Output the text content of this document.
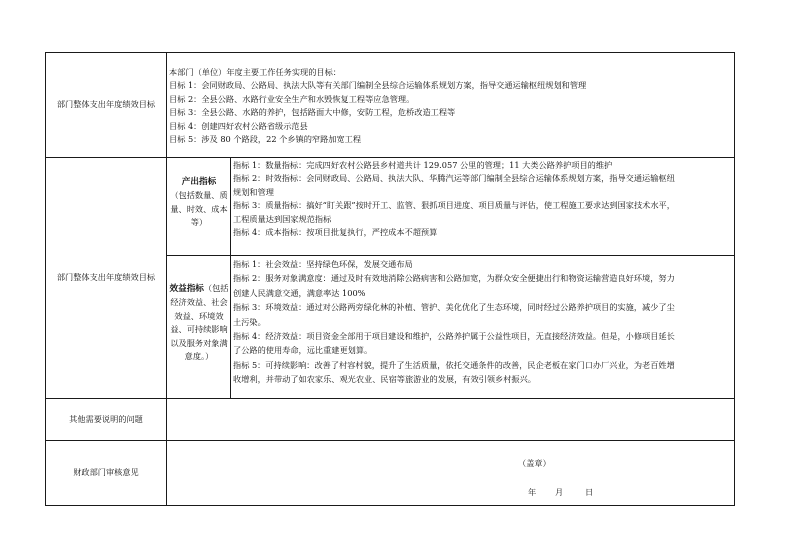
部门整体支出年度绩效目标
本部门（单位）年度主要工作任务实现的目标：
目标 1：会同财政局、公路局、执法大队等有关部门编制全县综合运输体系规划方案，指导交通运输枢纽规划和管理
目标 2：全县公路、水路行业安全生产和水毁恢复工程等应急管理。
目标 3：全县公路、水路的养护，包括路面大中修，安防工程，危桥改造工程等
目标 4：创建四好农村公路省级示范县
目标 5：涉及 80 个路段，22 个乡镇的窄路加宽工程
部门整体支出年度绩效目标
产出指标
（包括数量、质量、时效、成本等）
指标 1：数量指标：完成四好农村公路县乡村道共计 129.057 公里的管理；11 大类公路养护项目的维护
指标 2：时效指标：会同财政局、公路局、执法大队、华腾汽运等部门编制全县综合运输体系规划方案，指导交通运输枢纽
规划和管理
指标 3：质量指标：搞好“盯关跟”按时开工、监管、狠抓项目进度、项目质量与评估，使工程施工要求达到国家技术水平，
工程质量达到国家规范指标
指标 4：成本指标：按项目批复执行，严控成本不超预算
效益指标（包括经济效益、社会效益、环境效益、可持续影响以及服务对象满意度。）
指标 1：社会效益：坚持绿色环保，发展交通布局
指标 2：服务对象满意度：通过及时有效地消除公路病害和公路加宽，为群众安全便捷出行和物资运输营造良好环境，努力
创建人民满意交通，满意率达 100%
指标 3：环境效益：通过对公路两旁绿化林的补植、管护、美化优化了生态环境，同时经过公路养护项目的实施，减少了尘
土污染。
指标 4：经济效益：项目资金全部用于项目建设和维护，公路养护属于公益性项目，无直接经济效益。但是，小修项目延长
了公路的使用寿命，远比重建更划算。
指标 5：可持续影响：改善了村容村貌，提升了生活质量，依托交通条件的改善，民企老板在家门口办厂兴业，为老百姓增
收增利，并带动了如农家乐、观光农业、民宿等旅游业的发展，有效引领乡村振兴。
其他需要说明的问题
财政部门审核意见
（盖章）
年	月	日
